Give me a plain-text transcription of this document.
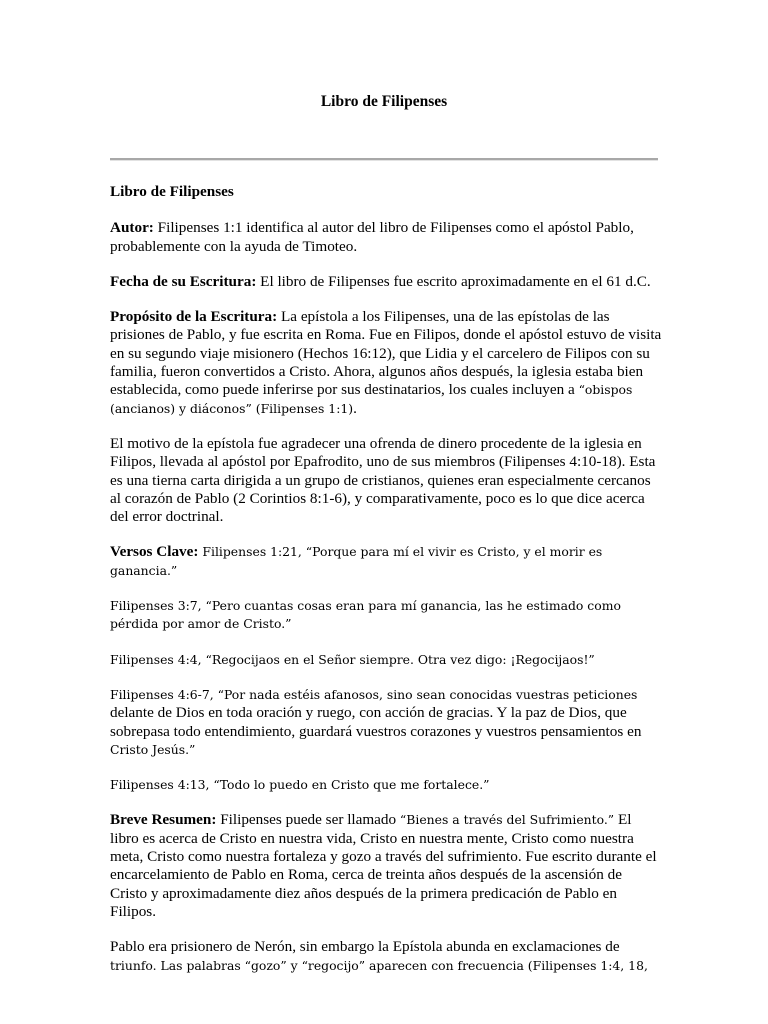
Libro de Filipenses

Libro de Filipenses

Autor: Filipenses 1:1 identifica al autor del libro de Filipenses como el apóstol Pablo, probablemente con la ayuda de Timoteo.

Fecha de su Escritura: El libro de Filipenses fue escrito aproximadamente en el 61 d.C.

Propósito de la Escritura: La epístola a los Filipenses, una de las epístolas de las prisiones de Pablo, y fue escrita en Roma. Fue en Filipos, donde el apóstol estuvo de visita en su segundo viaje misionero (Hechos 16:12), que Lidia y el carcelero de Filipos con su familia, fueron convertidos a Cristo. Ahora, algunos años después, la iglesia estaba bien establecida, como puede inferirse por sus destinatarios, los cuales incluyen a “obispos (ancianos) y diáconos” (Filipenses 1:1).

El motivo de la epístola fue agradecer una ofrenda de dinero procedente de la iglesia en Filipos, llevada al apóstol por Epafrodito, uno de sus miembros (Filipenses 4:10-18). Esta es una tierna carta dirigida a un grupo de cristianos, quienes eran especialmente cercanos al corazón de Pablo (2 Corintios 8:1-6), y comparativamente, poco es lo que dice acerca del error doctrinal.

Versos Clave: Filipenses 1:21, “Porque para mí el vivir es Cristo, y el morir es ganancia.”

Filipenses 3:7, “Pero cuantas cosas eran para mí ganancia, las he estimado como pérdida por amor de Cristo.”

Filipenses 4:4, “Regocijaos en el Señor siempre. Otra vez digo: ¡Regocijaos!”

Filipenses 4:6-7, “Por nada estéis afanosos, sino sean conocidas vuestras peticiones delante de Dios en toda oración y ruego, con acción de gracias. Y la paz de Dios, que sobrepasa todo entendimiento, guardará vuestros corazones y vuestros pensamientos en Cristo Jesús.”

Filipenses 4:13, “Todo lo puedo en Cristo que me fortalece.”

Breve Resumen: Filipenses puede ser llamado “Bienes a través del Sufrimiento.” El libro es acerca de Cristo en nuestra vida, Cristo en nuestra mente, Cristo como nuestra meta, Cristo como nuestra fortaleza y gozo a través del sufrimiento. Fue escrito durante el encarcelamiento de Pablo en Roma, cerca de treinta años después de la ascensión de Cristo y aproximadamente diez años después de la primera predicación de Pablo en Filipos.

Pablo era prisionero de Nerón, sin embargo la Epístola abunda en exclamaciones de triunfo. Las palabras “gozo” y “regocijo” aparecen con frecuencia (Filipenses 1:4, 18,
